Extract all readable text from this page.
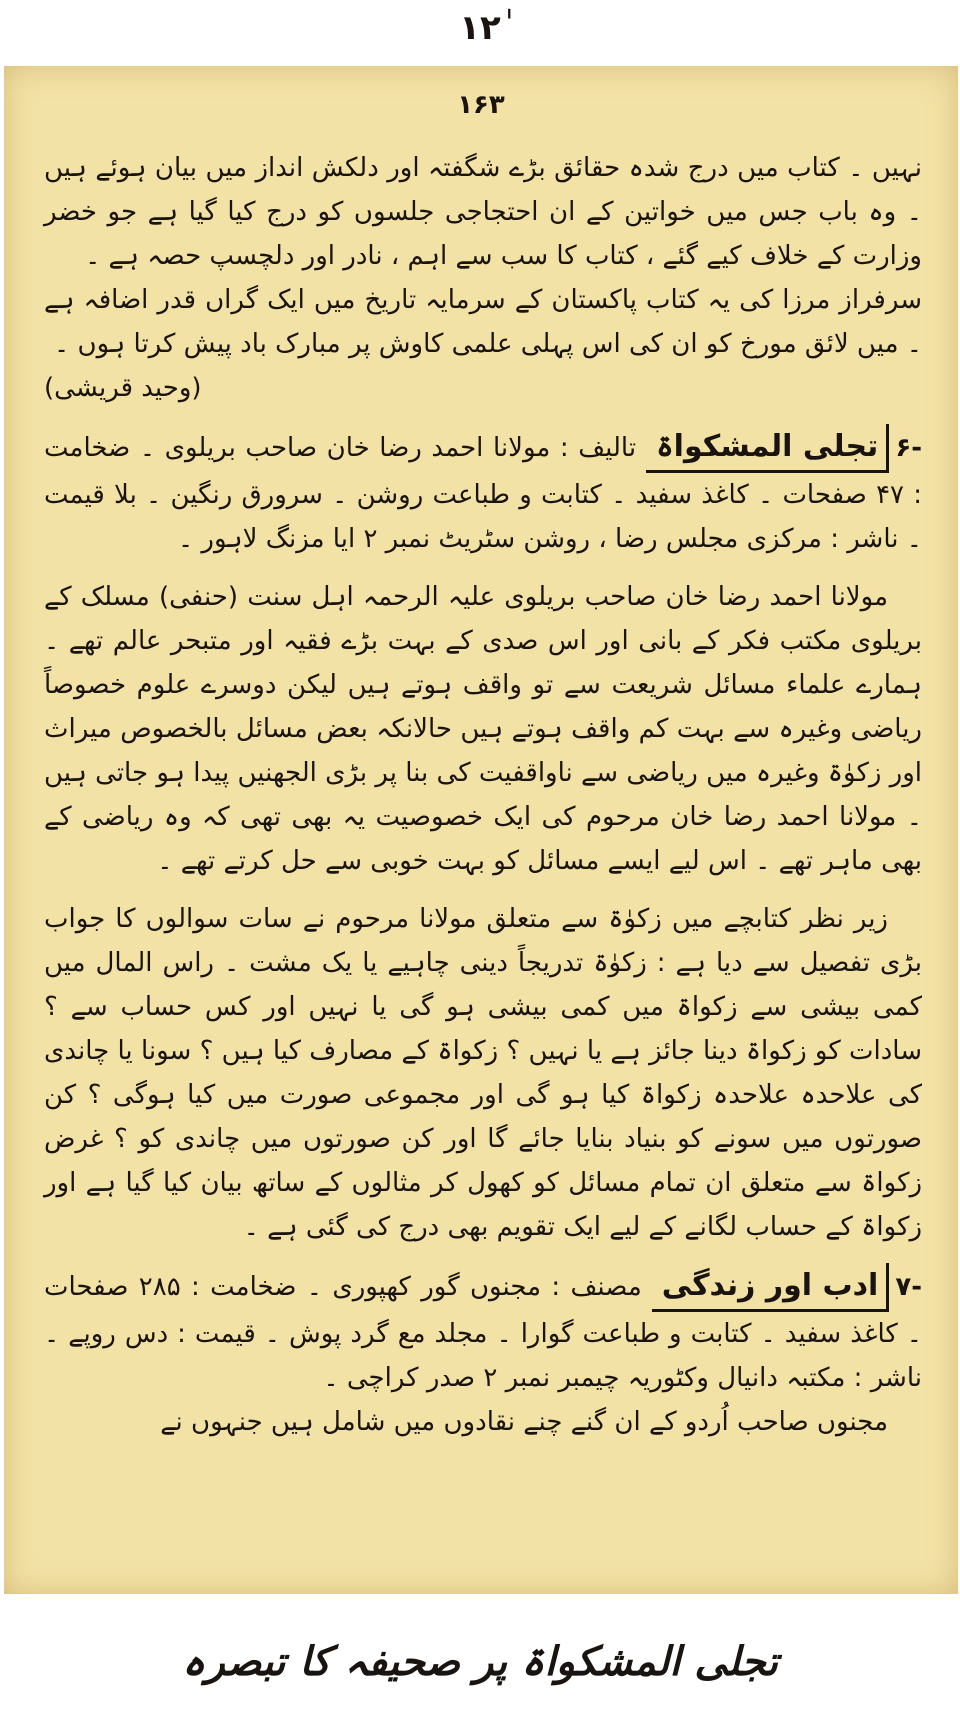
۱۲ٰ
۱۶۳

نہیں ۔ کتاب میں درج شدہ حقائق بڑے شگفتہ اور دلکش انداز میں بیان ہوئے ہیں ۔ وہ باب جس میں خواتین کے ان احتجاجی جلسوں کو درج کیا گیا ہے جو خضر وزارت کے خلاف کیے گئے ، کتاب کا سب سے اہم ، نادر اور دلچسپ حصہ ہے ۔

سرفراز مرزا کی یہ کتاب پاکستان کے سرمایہ تاریخ میں ایک گراں قدر اضافہ ہے ۔ میں لائق مورخ کو ان کی اس پہلی علمی کاوش پر مبارک باد پیش کرتا ہوں ۔

(وحید قریشی)

-۶تجلی المشکواۃتالیف : مولانا احمد رضا خان صاحب بریلوی ۔ ضخامت : ۴۷ صفحات ۔ کاغذ سفید ۔ کتابت و طباعت روشن ۔ سرورق رنگین ۔ بلا قیمت ۔ ناشر : مرکزی مجلس رضا ، روشن سٹریٹ نمبر ۲ ایا مزنگ لاہور ۔

مولانا احمد رضا خان صاحب بریلوی علیہ الرحمہ اہل سنت (حنفی) مسلک کے بریلوی مکتب فکر کے بانی اور اس صدی کے بہت بڑے فقیہ اور متبحر عالم تھے ۔ ہمارے علماء مسائل شریعت سے تو واقف ہوتے ہیں لیکن دوسرے علوم خصوصاً ریاضی وغیرہ سے بہت کم واقف ہوتے ہیں حالانکہ بعض مسائل بالخصوص میراث اور زکوٰۃ وغیرہ میں ریاضی سے ناواقفیت کی بنا پر بڑی الجھنیں پیدا ہو جاتی ہیں ۔ مولانا احمد رضا خان مرحوم کی ایک خصوصیت یہ بھی تھی کہ وہ ریاضی کے بھی ماہر تھے ۔ اس لیے ایسے مسائل کو بہت خوبی سے حل کرتے تھے ۔

زیر نظر کتابچے میں زکوٰۃ سے متعلق مولانا مرحوم نے سات سوالوں کا جواب بڑی تفصیل سے دیا ہے : زکوٰۃ تدریجاً دینی چاہیے یا یک مشت ۔ راس المال میں کمی بیشی سے زکواۃ میں کمی بیشی ہو گی یا نہیں اور کس حساب سے ؟ سادات کو زکواۃ دینا جائز ہے یا نہیں ؟ زکواۃ کے مصارف کیا ہیں ؟ سونا یا چاندی کی علاحدہ علاحدہ زکواۃ کیا ہو گی اور مجموعی صورت میں کیا ہوگی ؟ کن صورتوں میں سونے کو بنیاد بنایا جائے گا اور کن صورتوں میں چاندی کو ؟ غرض زکواۃ سے متعلق ان تمام مسائل کو کھول کر مثالوں کے ساتھ بیان کیا گیا ہے اور زکواۃ کے حساب لگانے کے لیے ایک تقویم بھی درج کی گئی ہے ۔

-۷ادب اور زندگیمصنف : مجنوں گور کھپوری ۔ ضخامت : ۲۸۵ صفحات ۔ کاغذ سفید ۔ کتابت و طباعت گوارا ۔ مجلد مع گرد پوش ۔ قیمت : دس روپے ۔ ناشر : مکتبہ دانیال وکٹوریہ چیمبر نمبر ۲ صدر کراچی ۔

مجنوں صاحب اُردو کے ان گنے چنے نقادوں میں شامل ہیں جنہوں نے

تجلی المشکواۃ پر صحیفہ کا تبصرہ
